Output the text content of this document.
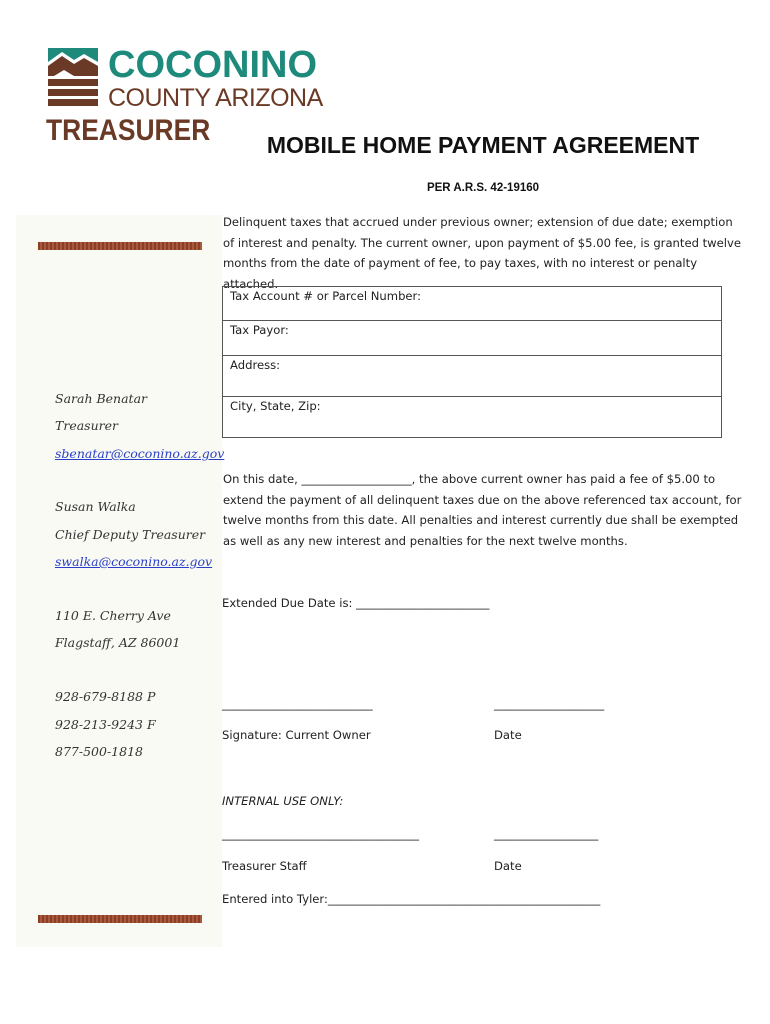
COCONINO
COUNTY ARIZONA
TREASURER
Sarah Benatar
Treasurer
sbenatar@coconino.az.gov
Susan Walka
Chief Deputy Treasurer
swalka@coconino.az.gov
110 E. Cherry Ave
Flagstaff, AZ 86001
928-679-8188 P
928-213-9243 F
877-500-1818
MOBILE HOME PAYMENT AGREEMENT
PER A.R.S. 42-19160
Delinquent taxes that accrued under previous owner; extension of due date; exemption of interest and penalty. The current owner, upon payment of $5.00 fee, is granted twelve months from the date of payment of fee, to pay taxes, with no interest or penalty attached.
Tax Account # or Parcel Number:
Tax Payor:
Address:
City, State, Zip:
On this date, ___________________, the above current owner has paid a fee of $5.00 to extend the payment of all delinquent taxes due on the above referenced tax account, for twelve months from this date. All penalties and interest currently due shall be exempted as well as any new interest and penalties for the next twelve months.
Extended Due Date is: _______________________
__________________________	___________________
Signature: Current Owner	Date
INTERNAL USE ONLY:
__________________________________	__________________
Treasurer Staff	Date
Entered into Tyler:_______________________________________________
